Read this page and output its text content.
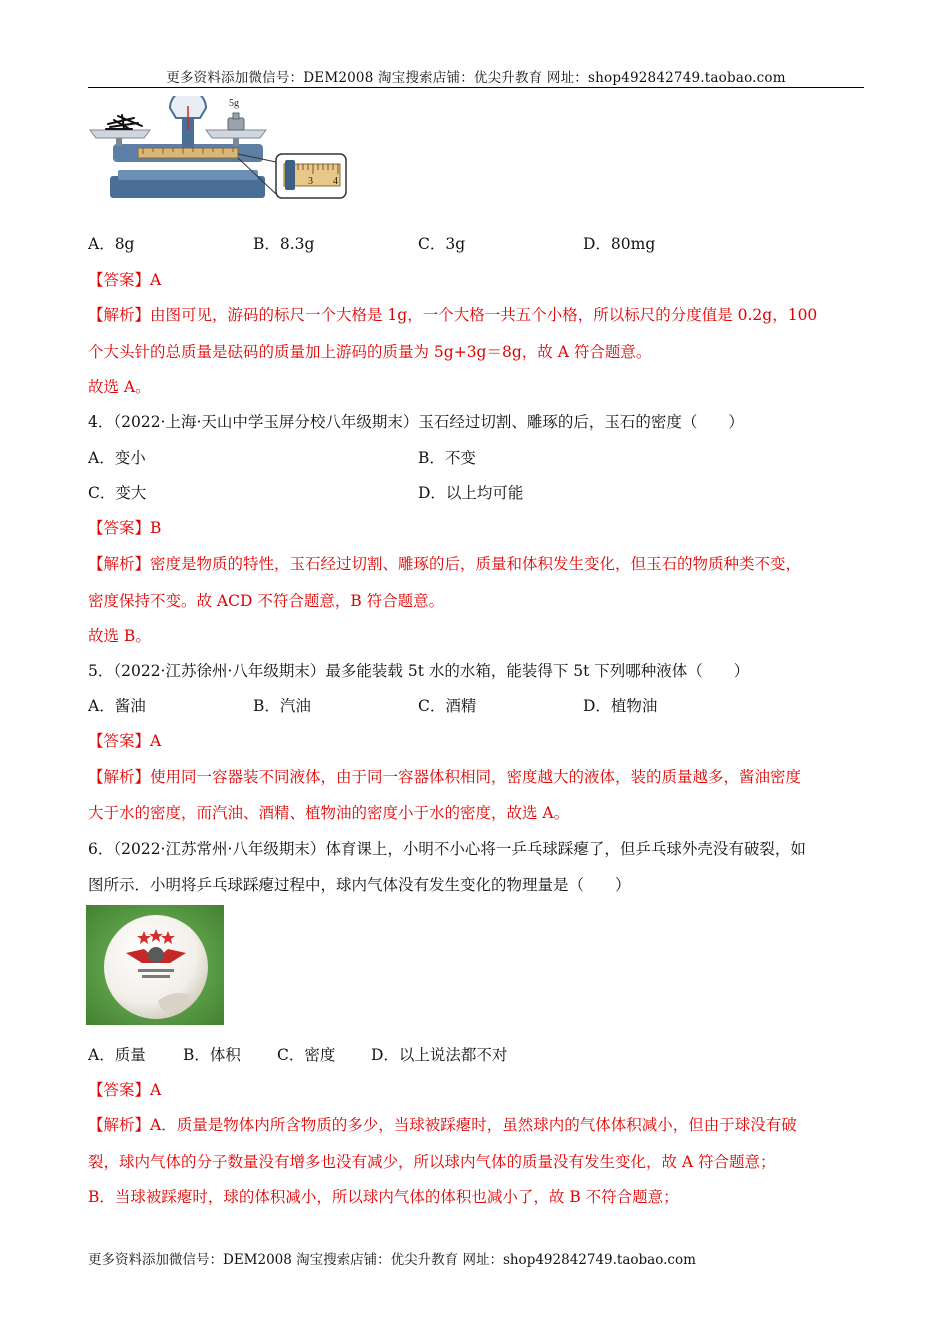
更多资料添加微信号：DEM2008 淘宝搜索店铺：优尖升教育 网址：shop492842749.taobao.com
5g
3 4
A．8g	B．8.3g	C．3g	D．80mg
【答案】A
【解析】由图可见，游码的标尺一个大格是 1g，一个大格一共五个小格，所以标尺的分度值是 0.2g，100
个大头针的总质量是砝码的质量加上游码的质量为 5g+3g＝8g，故 A 符合题意。
故选 A。
4．（2022·上海·天山中学玉屏分校八年级期末）玉石经过切割、雕琢的后，玉石的密度（　　）
A．变小	B．不变
C．变大	D．以上均可能
【答案】B
【解析】密度是物质的特性，玉石经过切割、雕琢的后，质量和体积发生变化，但玉石的物质种类不变，
密度保持不变。故 ACD 不符合题意，B 符合题意。
故选 B。
5．（2022·江苏徐州·八年级期末）最多能装载 5t 水的水箱，能装得下 5t 下列哪种液体（　　）
A．酱油	B．汽油	C．酒精	D．植物油
【答案】A
【解析】使用同一容器装不同液体，由于同一容器体积相同，密度越大的液体，装的质量越多，酱油密度
大于水的密度，而汽油、酒精、植物油的密度小于水的密度，故选 A。
6．（2022·江苏常州·八年级期末）体育课上，小明不小心将一乒乓球踩瘪了，但乒乓球外壳没有破裂，如
图所示．小明将乒乓球踩瘪过程中，球内气体没有发生变化的物理量是（　　）
A．质量 B．体积 C．密度 D．以上说法都不对
【答案】A
【解析】A．质量是物体内所含物质的多少，当球被踩瘪时，虽然球内的气体体积减小，但由于球没有破
裂，球内气体的分子数量没有增多也没有减少，所以球内气体的质量没有发生变化，故 A 符合题意；
B．当球被踩瘪时，球的体积减小，所以球内气体的体积也减小了，故 B 不符合题意；
更多资料添加微信号：DEM2008 淘宝搜索店铺：优尖升教育 网址：shop492842749.taobao.com
